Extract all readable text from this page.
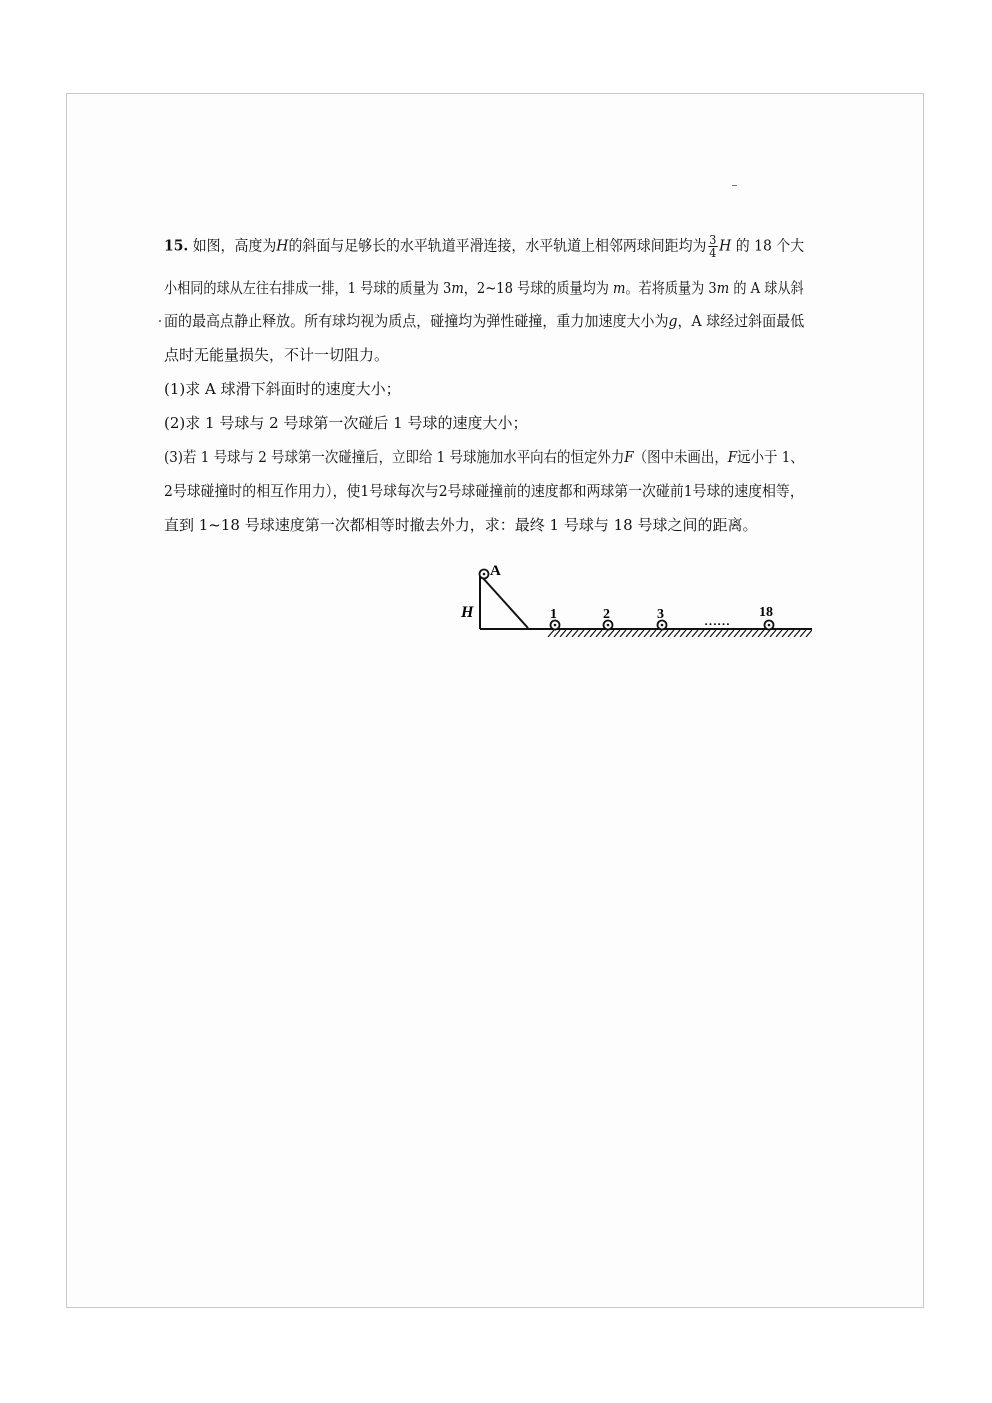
15. 如图，高度为H的斜面与足够长的水平轨道平滑连接，水平轨道上相邻两球间距均为 $\frac{3}{4}$ H 的 18 个大
小相同的球从左往右排成一排，1 号球的质量为 3m，2~18 号球的质量均为 m。若将质量为 3m 的 A 球从斜
面的最高点静止释放。所有球均视为质点，碰撞均为弹性碰撞，重力加速度大小为g，A 球经过斜面最低
点时无能量损失，不计一切阻力。
(1)求 A 球滑下斜面时的速度大小；
(2)求 1 号球与 2 号球第一次碰后 1 号球的速度大小；
(3)若 1 号球与 2 号球第一次碰撞后，立即给 1 号球施加水平向右的恒定外力F（图中未画出，F远小于 1、
2号球碰撞时的相互作用力），使1号球每次与2号球碰撞前的速度都和两球第一次碰前1号球的速度相等，
直到 1~18 号球速度第一次都相等时撤去外力，求：最终 1 号球与 18 号球之间的距离。
A
H	1	2	3
……
18
